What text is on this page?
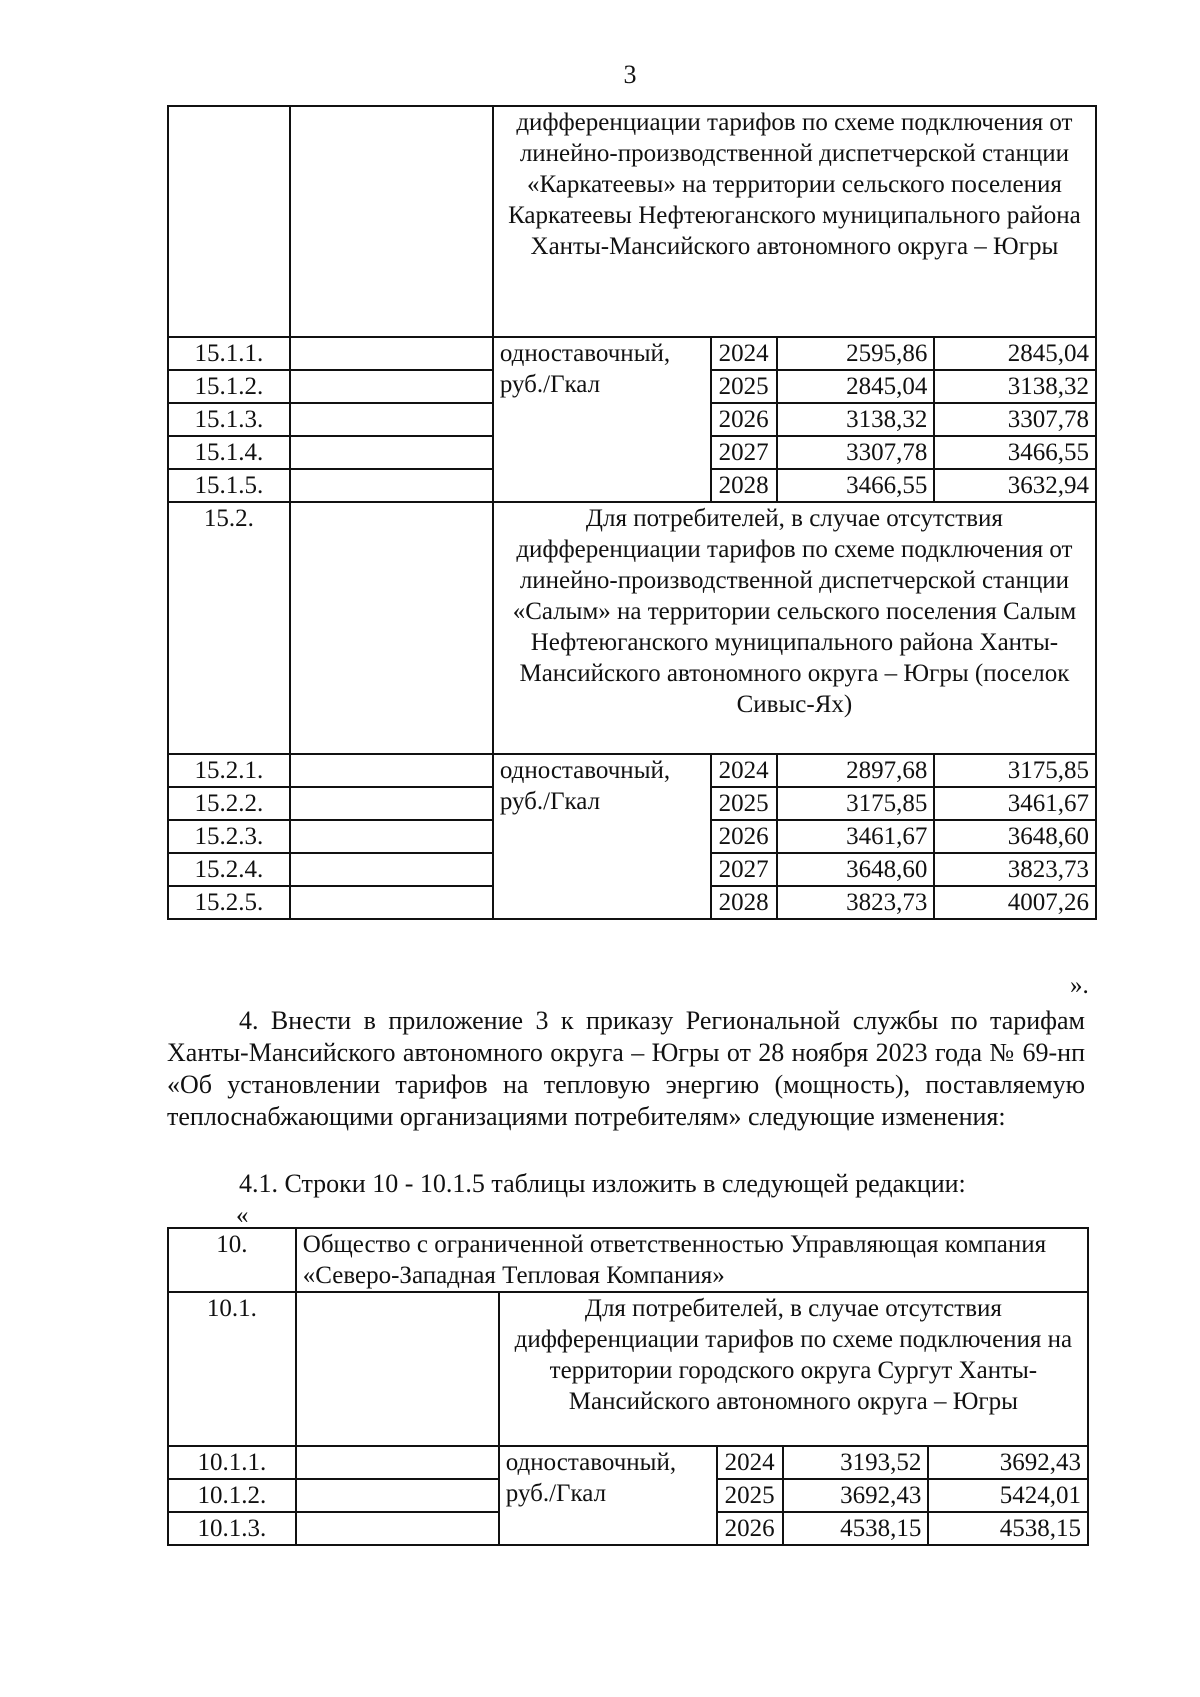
3
		дифференциации тарифов по схеме подключения от линейно-производственной диспетчерской станции «Каркатеевы» на территории сельского поселения Каркатеевы Нефтеюганского муниципального района Ханты-Мансийского автономного округа – Югры			
15.1.1.		одноставочный, руб./Гкал	2024	2595,86	2845,04
15.1.2.			2025	2845,04	3138,32
15.1.3.			2026	3138,32	3307,78
15.1.4.			2027	3307,78	3466,55
15.1.5.			2028	3466,55	3632,94
15.2.		Для потребителей, в случае отсутствия дифференциации тарифов по схеме подключения от линейно-производственной диспетчерской станции «Салым» на территории сельского поселения Салым Нефтеюганского муниципального района Ханты-Мансийского автономного округа – Югры (поселок Сивыс-Ях)			
15.2.1.		одноставочный, руб./Гкал	2024	2897,68	3175,85
15.2.2.			2025	3175,85	3461,67
15.2.3.			2026	3461,67	3648,60
15.2.4.			2027	3648,60	3823,73
15.2.5.			2028	3823,73	4007,26
».
4. Внести в приложение 3 к приказу Региональной службы по тарифам Ханты-Мансийского автономного округа – Югры от 28 ноября 2023 года № 69-нп «Об установлении тарифов на тепловую энергию (мощность), поставляемую теплоснабжающими организациями потребителям» следующие изменения:
4.1. Строки 10 - 10.1.5 таблицы изложить в следующей редакции:
«
10.	Общество с ограниченной ответственностью Управляющая компания «Северо-Западная Тепловая Компания»				
10.1.		Для потребителей, в случае отсутствия дифференциации тарифов по схеме подключения на территории городского округа Сургут Ханты-Мансийского автономного округа – Югры			
10.1.1.		одноставочный, руб./Гкал	2024	3193,52	3692,43
10.1.2.			2025	3692,43	5424,01
10.1.3.			2026	4538,15	4538,15
